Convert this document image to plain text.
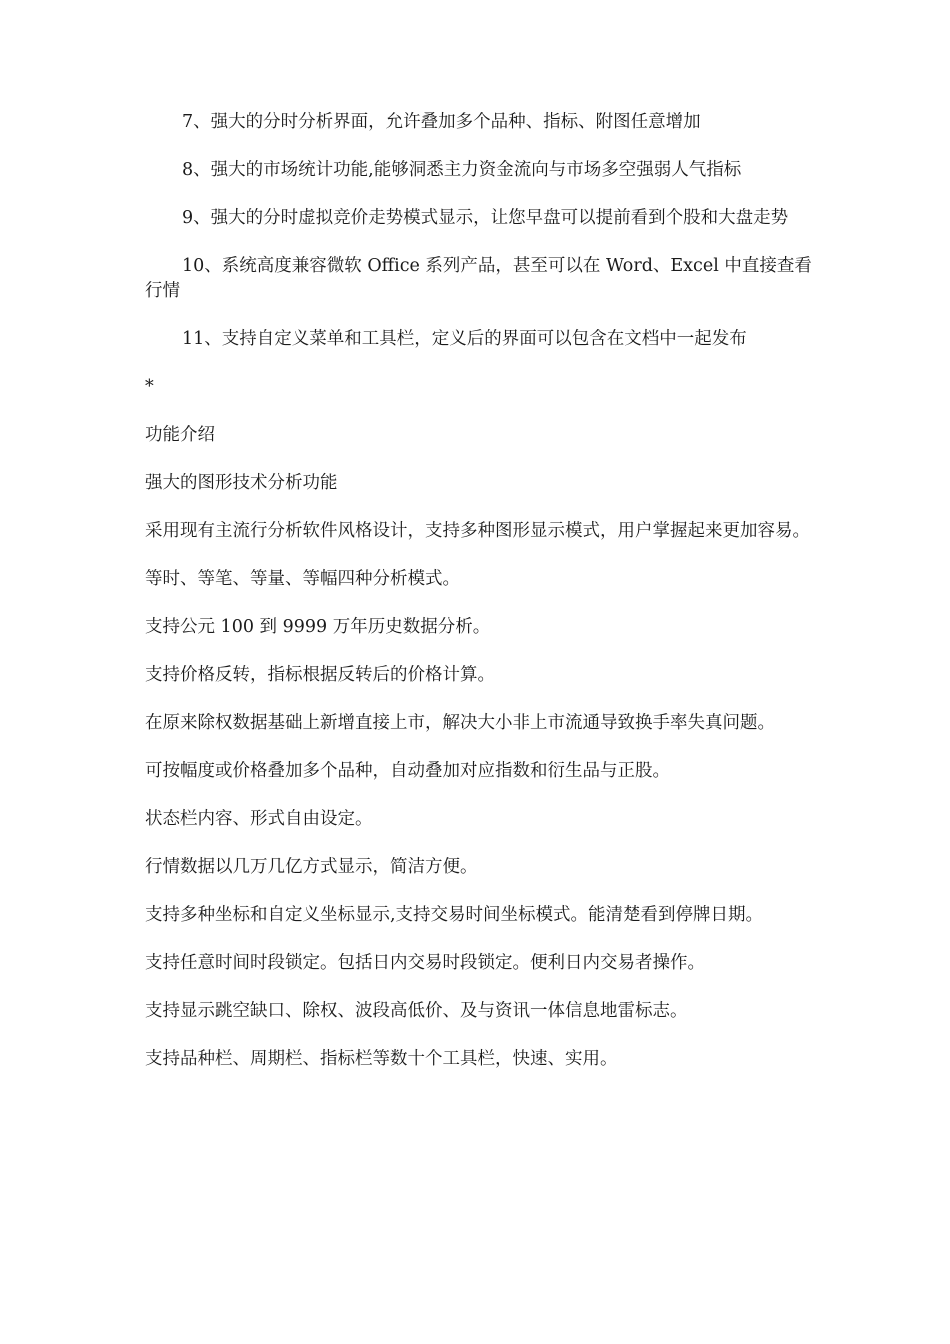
7、强大的分时分析界面，允许叠加多个品种、指标、附图任意增加

8、强大的市场统计功能,能够洞悉主力资金流向与市场多空强弱人气指标

9、强大的分时虚拟竞价走势模式显示，让您早盘可以提前看到个股和大盘走势

10、系统高度兼容微软 Office 系列产品，甚至可以在 Word、Excel 中直接查看行情

11、支持自定义菜单和工具栏，定义后的界面可以包含在文档中一起发布

*

功能介绍

强大的图形技术分析功能

采用现有主流行分析软件风格设计，支持多种图形显示模式，用户掌握起来更加容易。

等时、等笔、等量、等幅四种分析模式。

支持公元 100 到 9999 万年历史数据分析。

支持价格反转，指标根据反转后的价格计算。

在原来除权数据基础上新增直接上市，解决大小非上市流通导致换手率失真问题。

可按幅度或价格叠加多个品种，自动叠加对应指数和衍生品与正股。

状态栏内容、形式自由设定。

行情数据以几万几亿方式显示，简洁方便。

支持多种坐标和自定义坐标显示,支持交易时间坐标模式。能清楚看到停牌日期。

支持任意时间时段锁定。包括日内交易时段锁定。便利日内交易者操作。

支持显示跳空缺口、除权、波段高低价、及与资讯一体信息地雷标志。

支持品种栏、周期栏、指标栏等数十个工具栏，快速、实用。
